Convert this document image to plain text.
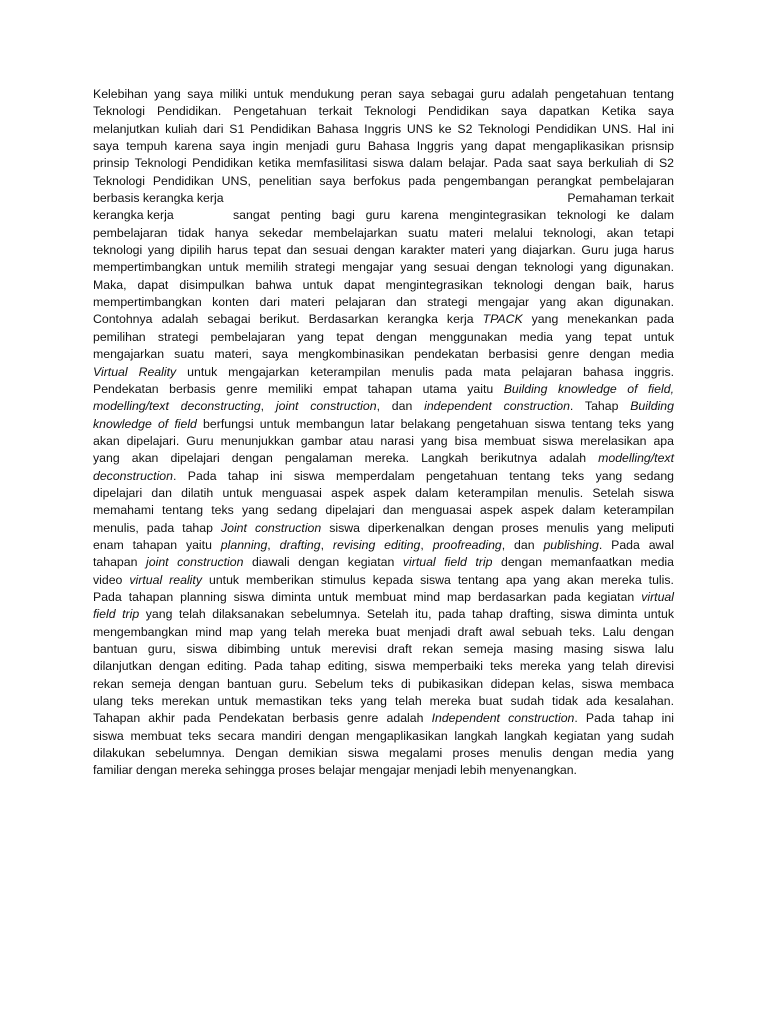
Kelebihan yang saya miliki untuk mendukung peran saya sebagai guru adalah pengetahuan tentang
Teknologi Pendidikan. Pengetahuan terkait Teknologi Pendidikan saya dapatkan Ketika saya
melanjutkan kuliah dari S1 Pendidikan Bahasa Inggris UNS ke S2 Teknologi Pendidikan UNS. Hal ini
saya tempuh karena saya ingin menjadi guru Bahasa Inggris yang dapat mengaplikasikan prisnsip
prinsip Teknologi Pendidikan ketika memfasilitasi siswa dalam belajar. Pada saat saya berkuliah di S2
Teknologi Pendidikan UNS, penelitian saya berfokus pada pengembangan perangkat pembelajaran
berbasis kerangka kerja	Pemahaman terkait
kerangka kerja	sangat penting bagi guru karena mengintegrasikan teknologi ke dalam
pembelajaran tidak hanya sekedar membelajarkan suatu materi melalui teknologi, akan tetapi
teknologi yang dipilih harus tepat dan sesuai dengan karakter materi yang diajarkan. Guru juga harus
mempertimbangkan untuk memilih strategi mengajar yang sesuai dengan teknologi yang digunakan.
Maka, dapat disimpulkan bahwa untuk dapat mengintegrasikan teknologi dengan baik, harus
mempertimbangkan konten dari materi pelajaran dan strategi mengajar yang akan digunakan.
Contohnya adalah sebagai berikut. Berdasarkan kerangka kerja TPACK yang menekankan pada
pemilihan strategi pembelajaran yang tepat dengan menggunakan media yang tepat untuk
mengajarkan suatu materi, saya mengkombinasikan pendekatan berbasisi genre dengan media
Virtual Reality untuk mengajarkan keterampilan menulis pada mata pelajaran bahasa inggris.
Pendekatan berbasis genre memiliki empat tahapan utama yaitu Building knowledge of field,
modelling/text deconstructing, joint construction, dan independent construction. Tahap Building
knowledge of field berfungsi untuk membangun latar belakang pengetahuan siswa tentang teks yang
akan dipelajari. Guru menunjukkan gambar atau narasi yang bisa membuat siswa merelasikan apa
yang akan dipelajari dengan pengalaman mereka. Langkah berikutnya adalah modelling/text
deconstruction. Pada tahap ini siswa memperdalam pengetahuan tentang teks yang sedang
dipelajari dan dilatih untuk menguasai aspek aspek dalam keterampilan menulis. Setelah siswa
memahami tentang teks yang sedang dipelajari dan menguasai aspek aspek dalam keterampilan
menulis, pada tahap Joint construction siswa diperkenalkan dengan proses menulis yang meliputi
enam tahapan yaitu planning, drafting, revising editing, proofreading, dan publishing. Pada awal
tahapan joint construction diawali dengan kegiatan virtual field trip dengan memanfaatkan media
video virtual reality untuk memberikan stimulus kepada siswa tentang apa yang akan mereka tulis.
Pada tahapan planning siswa diminta untuk membuat mind map berdasarkan pada kegiatan virtual
field trip yang telah dilaksanakan sebelumnya. Setelah itu, pada tahap drafting, siswa diminta untuk
mengembangkan mind map yang telah mereka buat menjadi draft awal sebuah teks. Lalu dengan
bantuan guru, siswa dibimbing untuk merevisi draft rekan semeja masing masing siswa lalu
dilanjutkan dengan editing. Pada tahap editing, siswa memperbaiki teks mereka yang telah direvisi
rekan semeja dengan bantuan guru. Sebelum teks di pubikasikan didepan kelas, siswa membaca
ulang teks merekan untuk memastikan teks yang telah mereka buat sudah tidak ada kesalahan.
Tahapan akhir pada Pendekatan berbasis genre adalah Independent construction. Pada tahap ini
siswa membuat teks secara mandiri dengan mengaplikasikan langkah langkah kegiatan yang sudah
dilakukan sebelumnya. Dengan demikian siswa megalami proses menulis dengan media yang
familiar dengan mereka sehingga proses belajar mengajar menjadi lebih menyenangkan.
